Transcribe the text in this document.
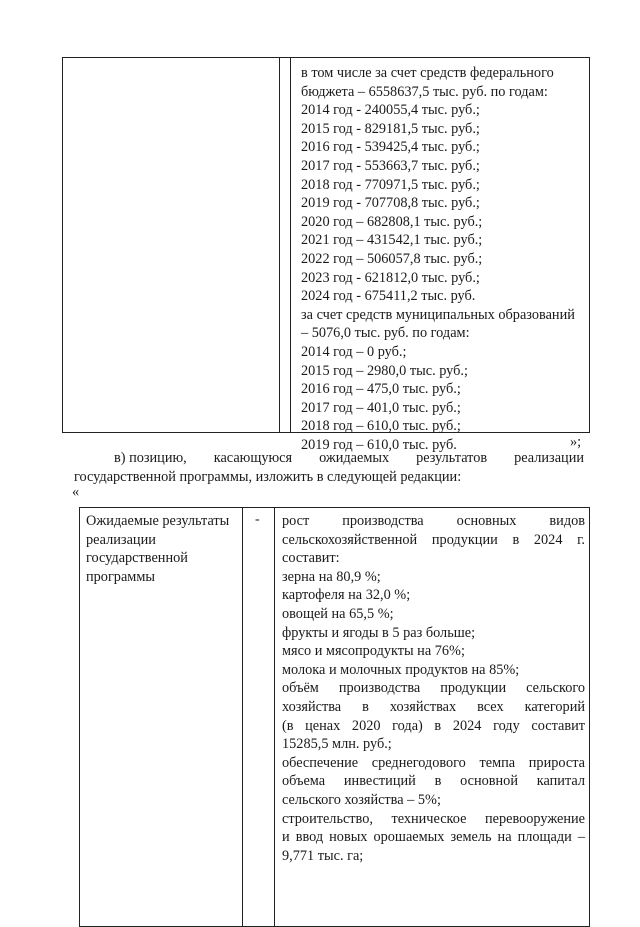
в том числе за счет средств федерального
бюджета – 6558637,5 тыс. руб. по годам:
2014 год - 240055,4 тыс. руб.;
2015 год - 829181,5 тыс. руб.;
2016 год - 539425,4 тыс. руб.;
2017 год - 553663,7 тыс. руб.;
2018 год - 770971,5 тыс. руб.;
2019 год - 707708,8 тыс. руб.;
2020 год – 682808,1 тыс. руб.;
2021 год – 431542,1 тыс. руб.;
2022 год – 506057,8 тыс. руб.;
2023 год - 621812,0 тыс. руб.;
2024 год - 675411,2 тыс. руб.
за счет средств муниципальных образований
– 5076,0 тыс. руб. по годам:
2014 год – 0 руб.;
2015 год – 2980,0 тыс. руб.;
2016 год – 475,0 тыс. руб.;
2017 год – 401,0 тыс. руб.;
2018 год – 610,0 тыс. руб.;
2019 год – 610,0 тыс. руб.	»;
в) позицию, касающуюся ожидаемых результатов реализации
государственной программы, изложить в следующей редакции:
«
Ожидаемые результаты
реализации
государственной
программы
- рост производства основных видов
сельскохозяйственной продукции в 2024 г.
составит:
зерна на 80,9 %;
картофеля на 32,0 %;
овощей на 65,5 %;
фрукты и ягоды в 5 раз больше;
мясо и мясопродукты на 76%;
молока и молочных продуктов на 85%;
объём производства продукции сельского
хозяйства в хозяйствах всех категорий
(в ценах 2020 года) в 2024 году составит
15285,5 млн. руб.;
обеспечение среднегодового темпа прироста
объема инвестиций в основной капитал
сельского хозяйства – 5%;
строительство, техническое перевооружение
и ввод новых орошаемых земель на площади –
9,771 тыс. га;
